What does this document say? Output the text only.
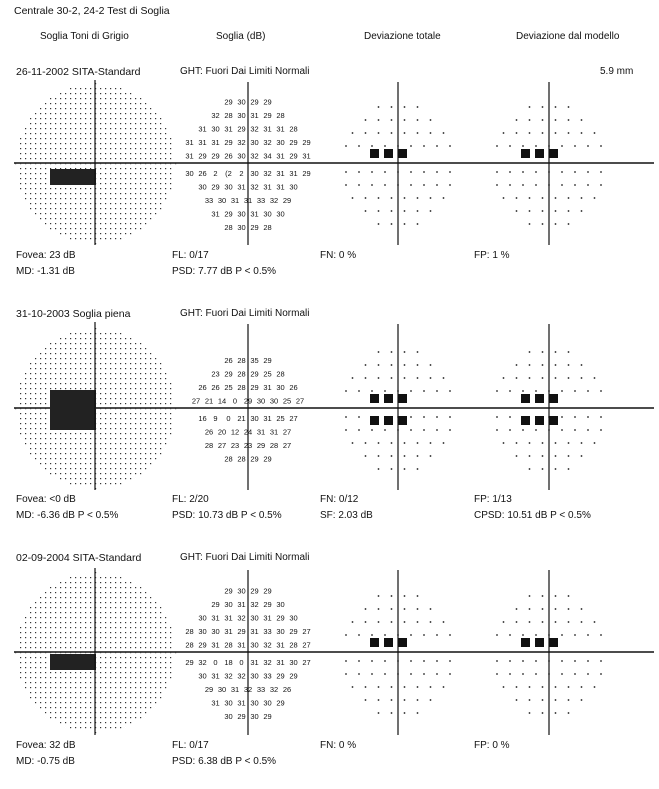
Centrale 30-2, 24-2 Test di Soglia
Soglia Toni di Grigio	Soglia (dB)	Deviazione totale	Deviazione dal modello
5.9 mm
26-11-2002 SITA-Standard	GHT: Fuori Dai Limiti Normali
Fovea: 23 dB
MD: -1.31 dB
FL: 0/17
PSD: 7.77 dB P < 0.5%
FN: 0 %	FP: 1 %
31-10-2003 Soglia piena	GHT: Fuori Dai Limiti Normali
Fovea: <0 dB
MD: -6.36 dB P < 0.5%
FL: 2/20
PSD: 10.73 dB P < 0.5%
FN: 0/12
SF: 2.03 dB
FP: 1/13
CPSD: 10.51 dB P < 0.5%
02-09-2004 SITA-Standard	GHT: Fuori Dai Limiti Normali
Fovea: 32 dB
MD: -0.75 dB
FL: 0/17
PSD: 6.38 dB P < 0.5%
FN: 0 %	FP: 0 %
29 30 29 29
32 28 30 31 29 28
31 30 31 29 32 31 31 28
31 31 31 29 32 30 32 30 29 29
31 29 29 26 30 32 34 31 29 31
30 26 2 (2 2 30 32 31 31 29
30 29 30 31 32 31 31 30
33 30 31 31 33 32 29
31 29 30 31 30 30
28 30 29 28
26 28 35 29
23 29 28 29 25 28
26 26 25 28 29 31 30 26
27 21 14 0 29 30 30 25 27
16 9 0 21 30 31 25 27
26 20 12 24 31 31 27
28 27 23 23 29 28 27
28 28 29 29
29 30 29 29
29 30 31 32 29 30
30 31 31 32 30 31 29 30
28 30 30 31 29 31 33 30 29 27
28 29 31 28 31 30 32 31 28 27
29 32 0 18 0 31 32 31 30 27
30 31 32 32 30 33 29 29
29 30 31 32 33 32 26
31 30 31 30 30 29
30 29 30 29
